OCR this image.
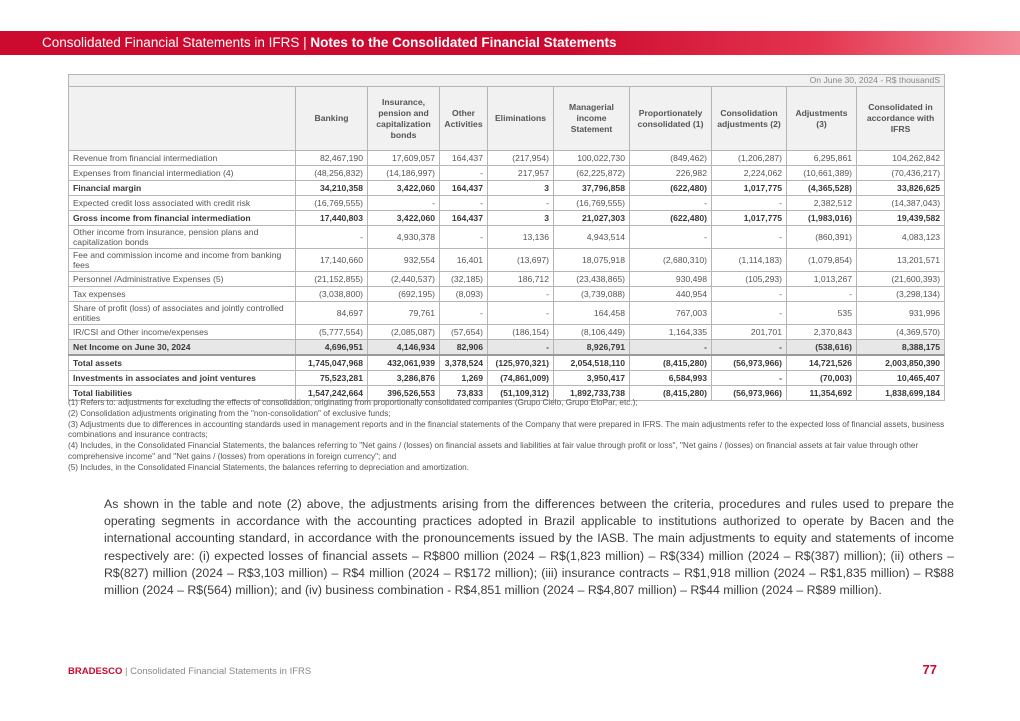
Consolidated Financial Statements in IFRS | Notes to the Consolidated Financial Statements
On June 30, 2024 - R$ thousandS									
	Banking	Insurance, pension and capitalization bonds	Other Activities	Eliminations	Managerial income Statement	Proportionately consolidated (1)	Consolidation adjustments (2)	Adjustments (3)	Consolidated in accordance with IFRS
Revenue from financial intermediation	82,467,190	17,609,057	164,437	(217,954)	100,022,730	(849,462)	(1,206,287)	6,295,861	104,262,842
Expenses from financial intermediation (4)	(48,256,832)	(14,186,997)	-	217,957	(62,225,872)	226,982	2,224,062	(10,661,389)	(70,436,217)
Financial margin	34,210,358	3,422,060	164,437	3	37,796,858	(622,480)	1,017,775	(4,365,528)	33,826,625
Expected credit loss associated with credit risk	(16,769,555)	-	-	-	(16,769,555)	-	-	2,382,512	(14,387,043)
Gross income from financial intermediation	17,440,803	3,422,060	164,437	3	21,027,303	(622,480)	1,017,775	(1,983,016)	19,439,582
Other income from insurance, pension plans and capitalization bonds	-	4,930,378	-	13,136	4,943,514	-	-	(860,391)	4,083,123
Fee and commission income and income from banking fees	17,140,660	932,554	16,401	(13,697)	18,075,918	(2,680,310)	(1,114,183)	(1,079,854)	13,201,571
Personnel /Administrative Expenses (5)	(21,152,855)	(2,440,537)	(32,185)	186,712	(23,438,865)	930,498	(105,293)	1,013,267	(21,600,393)
Tax expenses	(3,038,800)	(692,195)	(8,093)	-	(3,739,088)	440,954	-	-	(3,298,134)
Share of profit (loss) of associates and jointly controlled entities	84,697	79,761	-	-	164,458	767,003	-	535	931,996
IR/CSI and Other income/expenses	(5,777,554)	(2,085,087)	(57,654)	(186,154)	(8,106,449)	1,164,335	201,701	2,370,843	(4,369,570)
Net Income on June 30, 2024	4,696,951	4,146,934	82,906	-	8,926,791	-	-	(538,616)	8,388,175
Total assets	1,745,047,968	432,061,939	3,378,524	(125,970,321)	2,054,518,110	(8,415,280)	(56,973,966)	14,721,526	2,003,850,390
Investments in associates and joint ventures	75,523,281	3,286,876	1,269	(74,861,009)	3,950,417	6,584,993	-	(70,003)	10,465,407
Total liabilities	1,547,242,664	396,526,553	73,833	(51,109,312)	1,892,733,738	(8,415,280)	(56,973,966)	11,354,692	1,838,699,184
(1) Refers to: adjustments for excluding the effects of consolidation, originating from proportionally consolidated companies (Grupo Cielo, Grupo EloPar, etc.);
(2) Consolidation adjustments originating from the "non-consolidation" of exclusive funds;
(3) Adjustments due to differences in accounting standards used in management reports and in the financial statements of the Company that were prepared in IFRS. The main adjustments refer to the expected loss of financial assets, business combinations and insurance contracts;
(4) Includes, in the Consolidated Financial Statements, the balances referring to "Net gains / (losses) on financial assets and liabilities at fair value through profit or loss", "Net gains / (losses) on financial assets at fair value through other comprehensive income" and "Net gains / (losses) from operations in foreign currency"; and
(5) Includes, in the Consolidated Financial Statements, the balances referring to depreciation and amortization.
As shown in the table and note (2) above, the adjustments arising from the differences between the criteria, procedures and rules used to prepare the operating segments in accordance with the accounting practices adopted in Brazil applicable to institutions authorized to operate by Bacen and the international accounting standard, in accordance with the pronouncements issued by the IASB. The main adjustments to equity and statements of income respectively are: (i) expected losses of financial assets – R$800 million (2024 – R$(1,823 million) – R$(334) million (2024 – R$(387) million); (ii) others – R$(827) million (2024 – R$3,103 million) – R$4 million (2024 – R$172 million); (iii) insurance contracts – R$1,918 million (2024 – R$1,835 million) – R$88 million (2024 – R$(564) million); and (iv) business combination - R$4,851 million (2024 – R$4,807 million) – R$44 million (2024 – R$89 million).
BRADESCO | Consolidated Financial Statements in IFRS	77
